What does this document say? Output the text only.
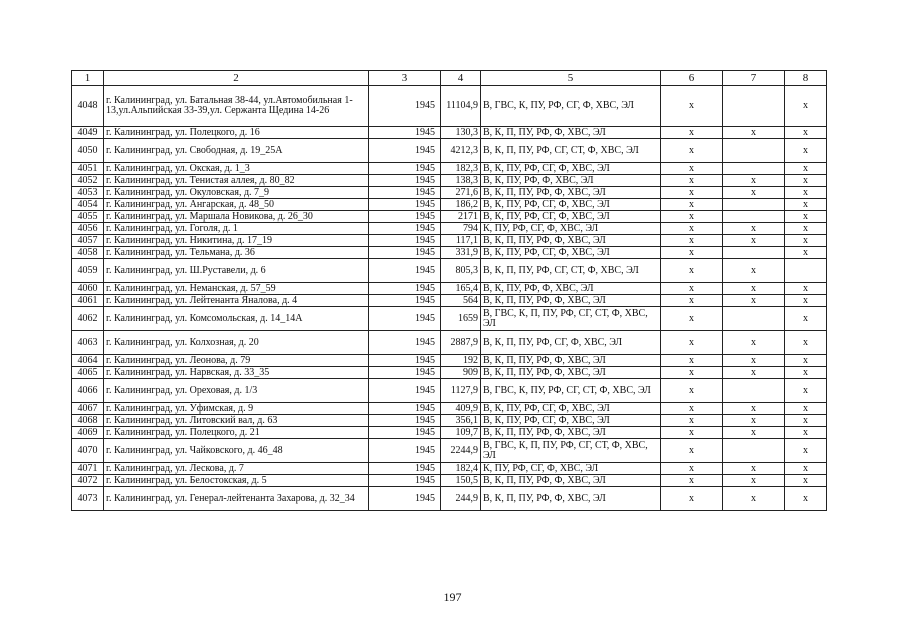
1	2	3	4	5	6	7	8
4048	г. Калининград, ул. Батальная 38-44, ул.Автомобильная 1-13,ул.Альпийская 33-39,ул. Сержанта Щедина 14-26	1945	11104,9	В, ГВС, К, ПУ, РФ, СГ, Ф, ХВС, ЭЛ	х		х
4049	г. Калининград, ул. Полецкого, д. 16	1945	130,3	В, К, П, ПУ, РФ, Ф, ХВС, ЭЛ	х	х	х
4050	г. Калининград, ул. Свободная, д. 19_25А	1945	4212,3	В, К, П, ПУ, РФ, СГ, СТ, Ф, ХВС, ЭЛ	х		х
4051	г. Калининград, ул. Окская, д. 1_3	1945	182,3	В, К, ПУ, РФ, СГ, Ф, ХВС, ЭЛ	х		х
4052	г. Калининград, ул. Тенистая аллея, д. 80_82	1945	138,3	В, К, ПУ, РФ, Ф, ХВС, ЭЛ	х	х	х
4053	г. Калининград, ул. Окуловская, д. 7_9	1945	271,6	В, К, П, ПУ, РФ, Ф, ХВС, ЭЛ	х	х	х
4054	г. Калининград, ул. Ангарская, д. 48_50	1945	186,2	В, К, ПУ, РФ, СГ, Ф, ХВС, ЭЛ	х		х
4055	г. Калининград, ул. Маршала Новикова, д. 26_30	1945	2171	В, К, ПУ, РФ, СГ, Ф, ХВС, ЭЛ	х		х
4056	г. Калининград, ул. Гоголя, д. 1	1945	794	К, ПУ, РФ, СГ, Ф, ХВС, ЭЛ	х	х	х
4057	г. Калининград, ул. Никитина, д. 17_19	1945	117,1	В, К, П, ПУ, РФ, Ф, ХВС, ЭЛ	х	х	х
4058	г. Калининград, ул. Тельмана, д. 36	1945	331,9	В, К, ПУ, РФ, СГ, Ф, ХВС, ЭЛ	х		х
4059	г. Калининград, ул. Ш.Руставели, д. 6	1945	805,3	В, К, П, ПУ, РФ, СГ, СТ, Ф, ХВС, ЭЛ	х	х	
4060	г. Калининград, ул. Неманская, д. 57_59	1945	165,4	В, К, ПУ, РФ, Ф, ХВС, ЭЛ	х	х	х
4061	г. Калининград, ул. Лейтенанта Яналова, д. 4	1945	564	В, К, П, ПУ, РФ, Ф, ХВС, ЭЛ	х	х	х
4062	г. Калининград, ул. Комсомольская, д. 14_14А	1945	1659	В, ГВС, К, П, ПУ, РФ, СГ, СТ, Ф, ХВС, ЭЛ	х		х
4063	г. Калининград, ул. Колхозная, д. 20	1945	2887,9	В, К, П, ПУ, РФ, СГ, Ф, ХВС, ЭЛ	х	х	х
4064	г. Калининград, ул. Леонова, д. 79	1945	192	В, К, П, ПУ, РФ, Ф, ХВС, ЭЛ	х	х	х
4065	г. Калининград, ул. Нарвская, д. 33_35	1945	909	В, К, П, ПУ, РФ, Ф, ХВС, ЭЛ	х	х	х
4066	г. Калининград, ул. Ореховая, д. 1/3	1945	1127,9	В, ГВС, К, ПУ, РФ, СГ, СТ, Ф, ХВС, ЭЛ	х		х
4067	г. Калининград, ул. Уфимская, д. 9	1945	409,9	В, К, ПУ, РФ, СГ, Ф, ХВС, ЭЛ	х	х	х
4068	г. Калининград, ул. Литовский вал, д. 63	1945	356,1	В, К, ПУ, РФ, СГ, Ф, ХВС, ЭЛ	х	х	х
4069	г. Калининград, ул. Полецкого, д. 21	1945	109,7	В, К, П, ПУ, РФ, Ф, ХВС, ЭЛ	х	х	х
4070	г. Калининград, ул. Чайковского, д. 46_48	1945	2244,9	В, ГВС, К, П, ПУ, РФ, СГ, СТ, Ф, ХВС, ЭЛ	х		х
4071	г. Калининград, ул. Лескова, д. 7	1945	182,4	К, ПУ, РФ, СГ, Ф, ХВС, ЭЛ	х	х	х
4072	г. Калининград, ул. Белостокская, д. 5	1945	150,5	В, К, П, ПУ, РФ, Ф, ХВС, ЭЛ	х	х	х
4073	г. Калининград, ул. Генерал-лейтенанта Захарова, д. 32_34	1945	244,9	В, К, П, ПУ, РФ, Ф, ХВС, ЭЛ	х	х	х
197
